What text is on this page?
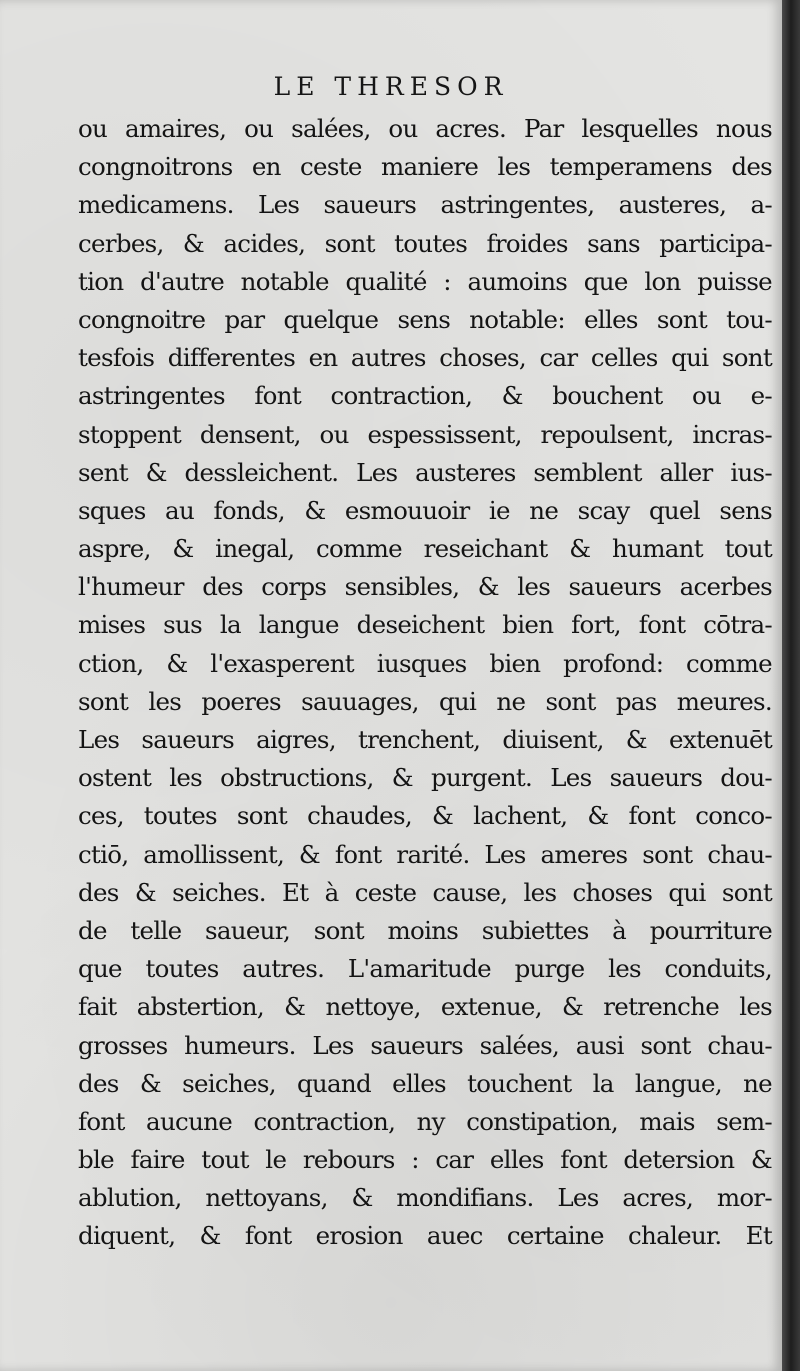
LE THRESOR
ou amaires, ou salées, ou acres. Par lesquelles nous
congnoitrons en ceste maniere les temperamens des
medicamens. Les saueurs astringentes, austeres, a-
cerbes, & acides, sont toutes froides sans participa-
tion d'autre notable qualité : aumoins que lon puisse
congnoitre par quelque sens notable: elles sont tou-
tesfois differentes en autres choses, car celles qui sont
astringentes font contraction, & bouchent ou e-
stoppent densent, ou espessissent, repoulsent, incras-
sent & dessleichent. Les austeres semblent aller ius-
sques au fonds, & esmouuoir ie ne scay quel sens
aspre, & inegal, comme reseichant & humant tout
l'humeur des corps sensibles, & les saueurs acerbes
mises sus la langue deseichent bien fort, font cōtra-
ction, & l'exasperent iusques bien profond: comme
sont les poeres sauuages, qui ne sont pas meures.
Les saueurs aigres, trenchent, diuisent, & extenuēt
ostent les obstructions, & purgent. Les saueurs dou-
ces, toutes sont chaudes, & lachent, & font conco-
ctiō, amollissent, & font rarité. Les ameres sont chau-
des & seiches. Et à ceste cause, les choses qui sont
de telle saueur, sont moins subiettes à pourriture
que toutes autres. L'amaritude purge les conduits,
fait abstertion, & nettoye, extenue, & retrenche les
grosses humeurs. Les saueurs salées, ausi sont chau-
des & seiches, quand elles touchent la langue, ne
font aucune contraction, ny constipation, mais sem-
ble faire tout le rebours : car elles font detersion &
ablution, nettoyans, & mondifians. Les acres, mor-
diquent, & font erosion auec certaine chaleur. Et
